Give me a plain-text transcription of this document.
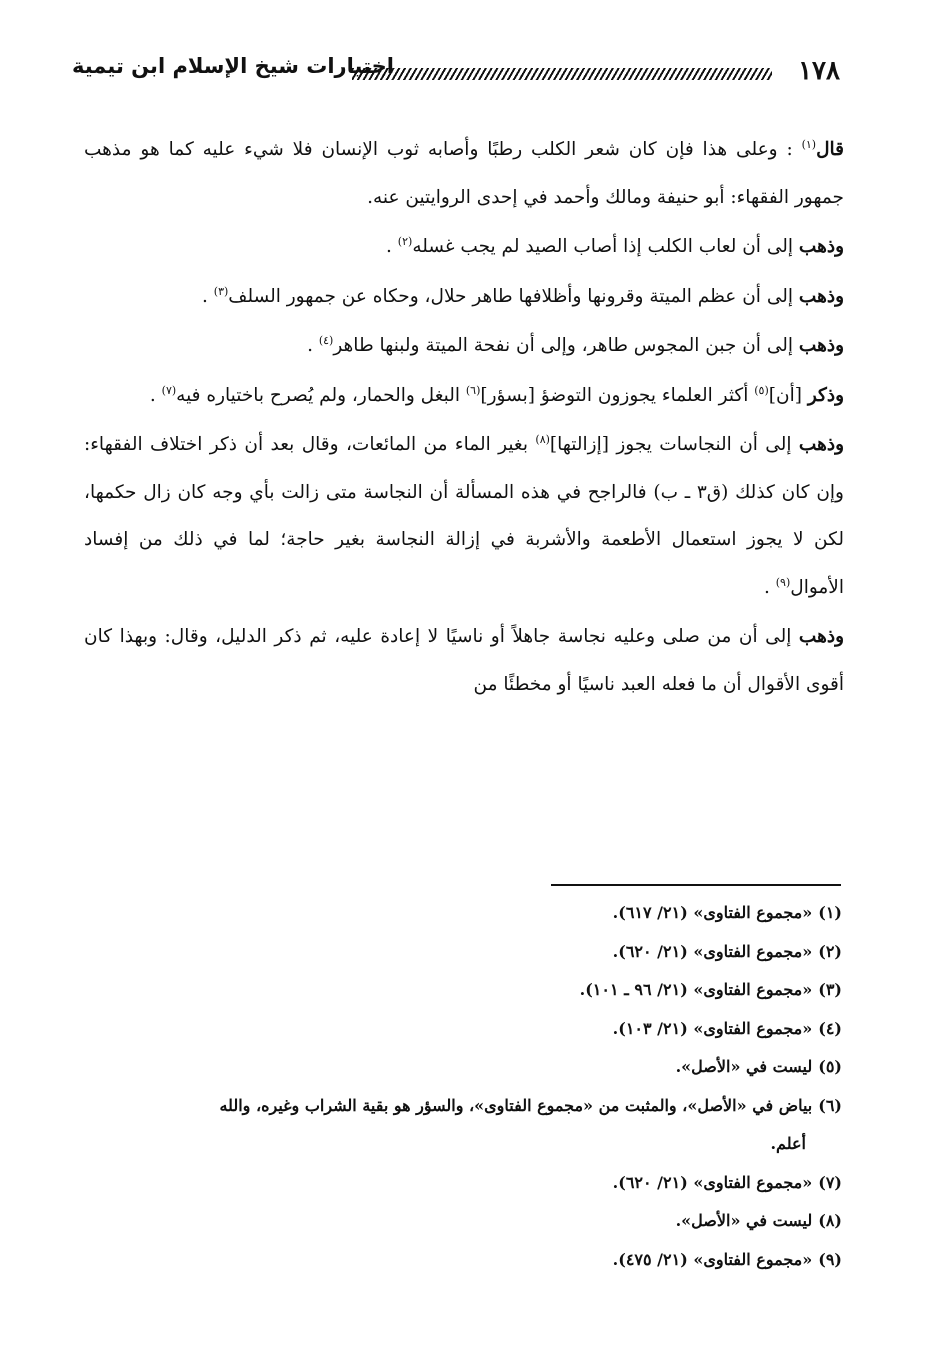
١٧٨
اختيارات شيخ الإسلام ابن تيمية

قال$^{(١)}$ : وعلى هذا فإن كان شعر الكلب رطبًا وأصابه ثوب الإنسان فلا شيء عليه كما هو مذهب جمهور الفقهاء: أبو حنيفة ومالك وأحمد في إحدى الروايتين عنه.

وذهب إلى أن لعاب الكلب إذا أصاب الصيد لم يجب غسله$^{(٢)}$ .

وذهب إلى أن عظم الميتة وقرونها وأظلافها طاهر حلال، وحكاه عن جمهور السلف$^{(٣)}$ .

وذهب إلى أن جبن المجوس طاهر، وإلى أن نفحة الميتة ولبنها طاهر$^{(٤)}$ .

وذكر [أن]$^{(٥)}$ أكثر العلماء يجوزون التوضؤ [بسؤر]$^{(٦)}$ البغل والحمار، ولم يُصرح باختياره فيه$^{(٧)}$ .

وذهب إلى أن النجاسات يجوز [إزالتها]$^{(٨)}$ بغير الماء من المائعات، وقال بعد أن ذكر اختلاف الفقهاء: وإن كان كذلك (ق٣ ـ ب) فالراجح في هذه المسألة أن النجاسة متى زالت بأي وجه كان زال حكمها، لكن لا يجوز استعمال الأطعمة والأشربة في إزالة النجاسة بغير حاجة؛ لما في ذلك من إفساد الأموال$^{(٩)}$ .

وذهب إلى أن من صلى وعليه نجاسة جاهلاً أو ناسيًا لا إعادة عليه، ثم ذكر الدليل، وقال: وبهذا كان أقوى الأقوال أن ما فعله العبد ناسيًا أو مخطئًا من

(١)«مجموع الفتاوى» (٢١/ ٦١٧).
(٢)«مجموع الفتاوى» (٢١/ ٦٢٠).
(٣)«مجموع الفتاوى» (٢١/ ٩٦ ـ ١٠١).
(٤)«مجموع الفتاوى» (٢١/ ١٠٣).
(٥)ليست في «الأصل».
(٦)بياض في «الأصل»، والمثبت من «مجموع الفتاوى»، والسؤر هو بقية الشراب وغيره، والله
أعلم.
(٧)«مجموع الفتاوى» (٢١/ ٦٢٠).
(٨)ليست في «الأصل».
(٩)«مجموع الفتاوى» (٢١/ ٤٧٥).
